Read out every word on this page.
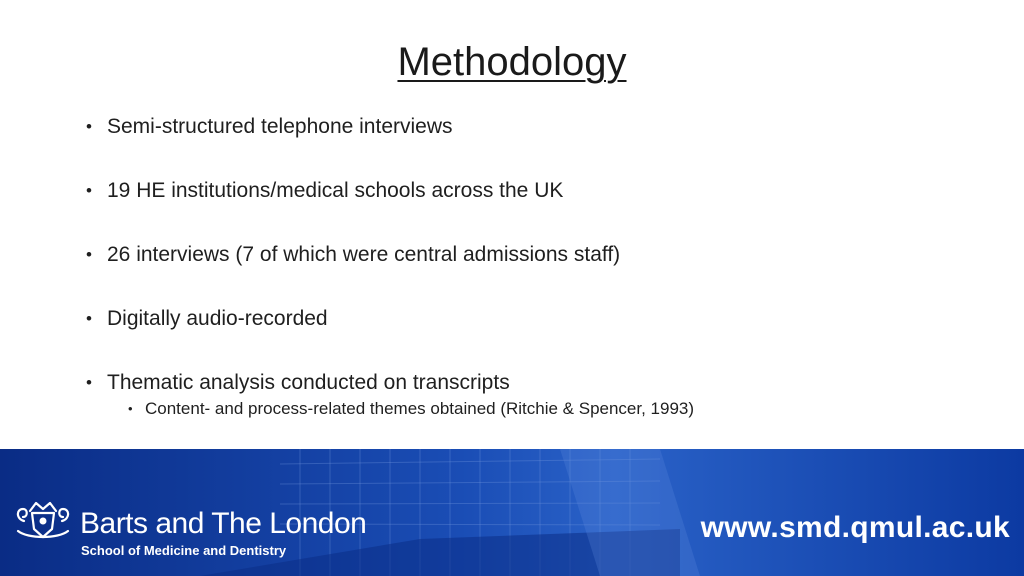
Methodology
• Semi-structured telephone interviews
• 19 HE institutions/medical schools across the UK
• 26 interviews (7 of which were central admissions staff)
• Digitally audio-recorded
• Thematic analysis conducted on transcripts
• Content- and process-related themes obtained (Ritchie & Spencer, 1993)
Barts and The London
School of Medicine and Dentistry
www.smd.qmul.ac.uk
